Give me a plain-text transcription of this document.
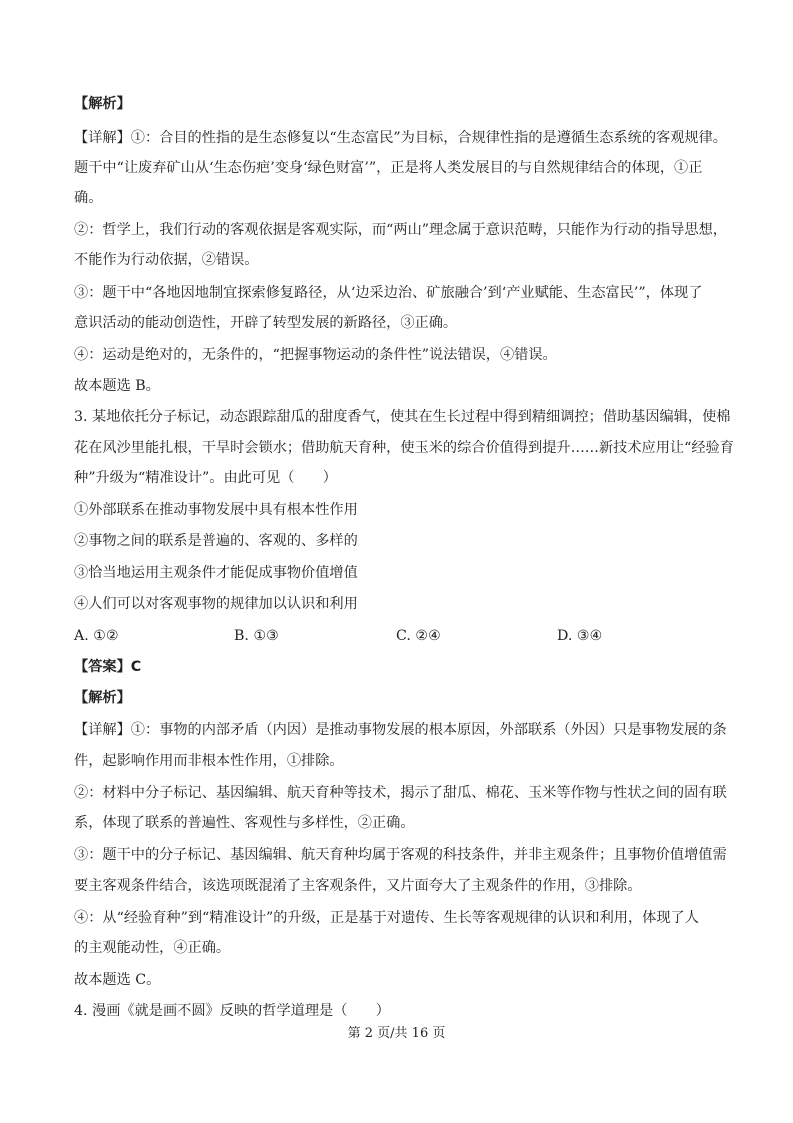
【解析】
【详解】①：合目的性指的是生态修复以“生态富民”为目标，合规律性指的是遵循生态系统的客观规律。
题干中“让废弃矿山从‘生态伤疤’变身‘绿色财富’”，正是将人类发展目的与自然规律结合的体现，①正
确。
②：哲学上，我们行动的客观依据是客观实际，而“两山”理念属于意识范畴，只能作为行动的指导思想，
不能作为行动依据，②错误。
③：题干中“各地因地制宜探索修复路径，从‘边采边治、矿旅融合’到‘产业赋能、生态富民’”，体现了
意识活动的能动创造性，开辟了转型发展的新路径，③正确。
④：运动是绝对的，无条件的，“把握事物运动的条件性”说法错误，④错误。
故本题选 B。
3. 某地依托分子标记，动态跟踪甜瓜的甜度香气，使其在生长过程中得到精细调控；借助基因编辑，使棉
花在风沙里能扎根，干旱时会锁水；借助航天育种，使玉米的综合价值得到提升……新技术应用让“经验育
种”升级为“精准设计”。由此可见（　　）
①外部联系在推动事物发展中具有根本性作用
②事物之间的联系是普遍的、客观的、多样的
③恰当地运用主观条件才能促成事物价值增值
④人们可以对客观事物的规律加以认识和利用
A. ①②	B. ①③	C. ②④	D. ③④
【答案】C
【解析】
【详解】①：事物的内部矛盾（内因）是推动事物发展的根本原因，外部联系（外因）只是事物发展的条
件，起影响作用而非根本性作用，①排除。
②：材料中分子标记、基因编辑、航天育种等技术，揭示了甜瓜、棉花、玉米等作物与性状之间的固有联
系，体现了联系的普遍性、客观性与多样性，②正确。
③：题干中的分子标记、基因编辑、航天育种均属于客观的科技条件，并非主观条件；且事物价值增值需
要主客观条件结合，该选项既混淆了主客观条件，又片面夸大了主观条件的作用，③排除。
④：从“经验育种”到“精准设计”的升级，正是基于对遗传、生长等客观规律的认识和利用，体现了人
的主观能动性，④正确。
故本题选 C。
4. 漫画《就是画不圆》反映的哲学道理是（　　）
第 2 页/共 16 页
